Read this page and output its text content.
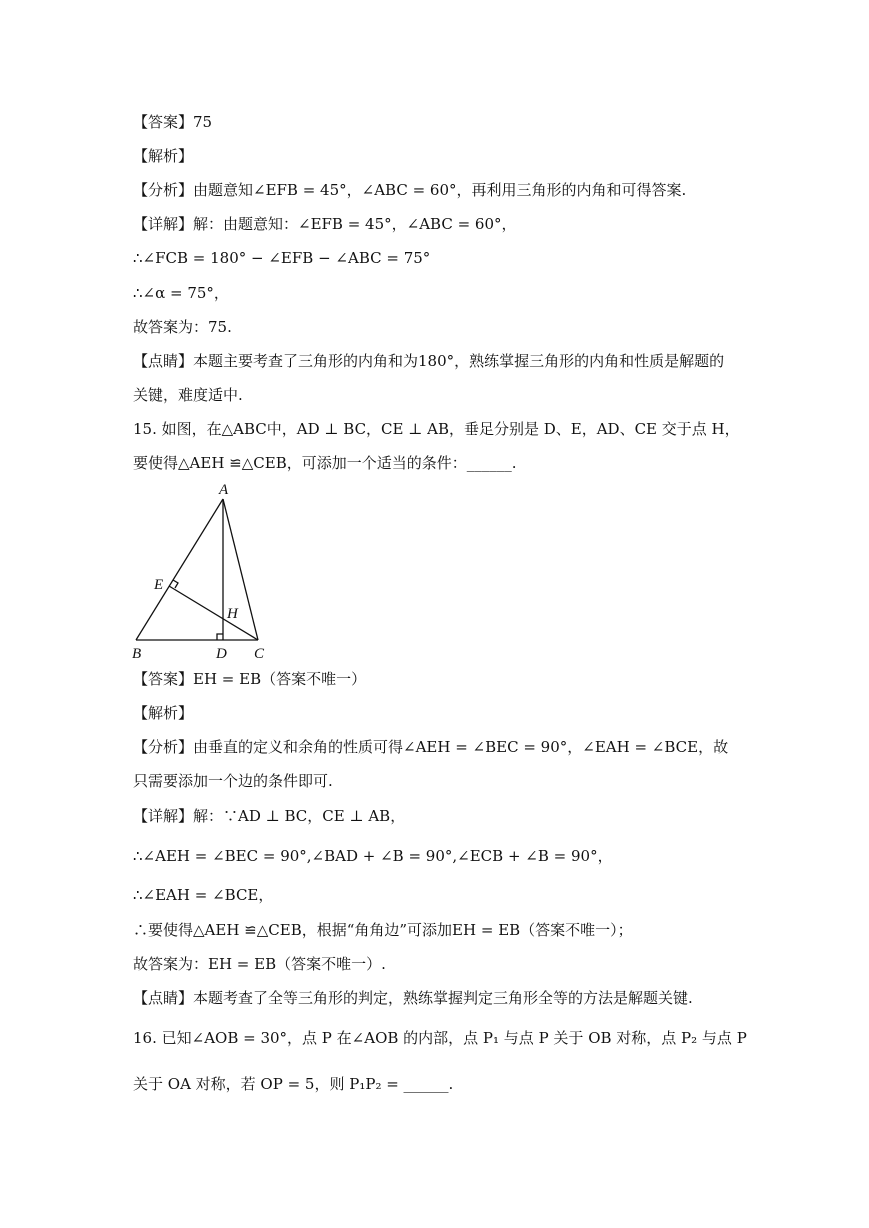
【答案】75
【解析】
【分析】由题意知∠EFB = 45°，∠ABC = 60°，再利用三角形的内角和可得答案.
【详解】解：由题意知：∠EFB = 45°，∠ABC = 60°，
∴∠FCB = 180° − ∠EFB − ∠ABC = 75°
∴∠α = 75°，
故答案为：75.
【点睛】本题主要考查了三角形的内角和为180°，熟练掌握三角形的内角和性质是解题的
关键，难度适中.
15. 如图，在△ABC中，AD ⊥ BC，CE ⊥ AB，垂足分别是 D、E，AD、CE 交于点 H，
要使得△AEH ≌△CEB，可添加一个适当的条件：______.
A
B	C
D
E
H
【答案】EH = EB（答案不唯一）
【解析】
【分析】由垂直的定义和余角的性质可得∠AEH = ∠BEC = 90°，∠EAH = ∠BCE，故
只需要添加一个边的条件即可.
【详解】解：∵AD ⊥ BC，CE ⊥ AB，
∴∠AEH = ∠BEC = 90°,∠BAD + ∠B = 90°,∠ECB + ∠B = 90°，
∴∠EAH = ∠BCE，
∴要使得△AEH ≌△CEB，根据“角角边”可添加EH = EB（答案不唯一）；
故答案为：EH = EB（答案不唯一）.
【点睛】本题考查了全等三角形的判定，熟练掌握判定三角形全等的方法是解题关键.
16. 已知∠AOB = 30°，点 P 在∠AOB 的内部，点 P₁ 与点 P 关于 OB 对称，点 P₂ 与点 P
关于 OA 对称，若 OP = 5，则 P₁P₂ = ______.
